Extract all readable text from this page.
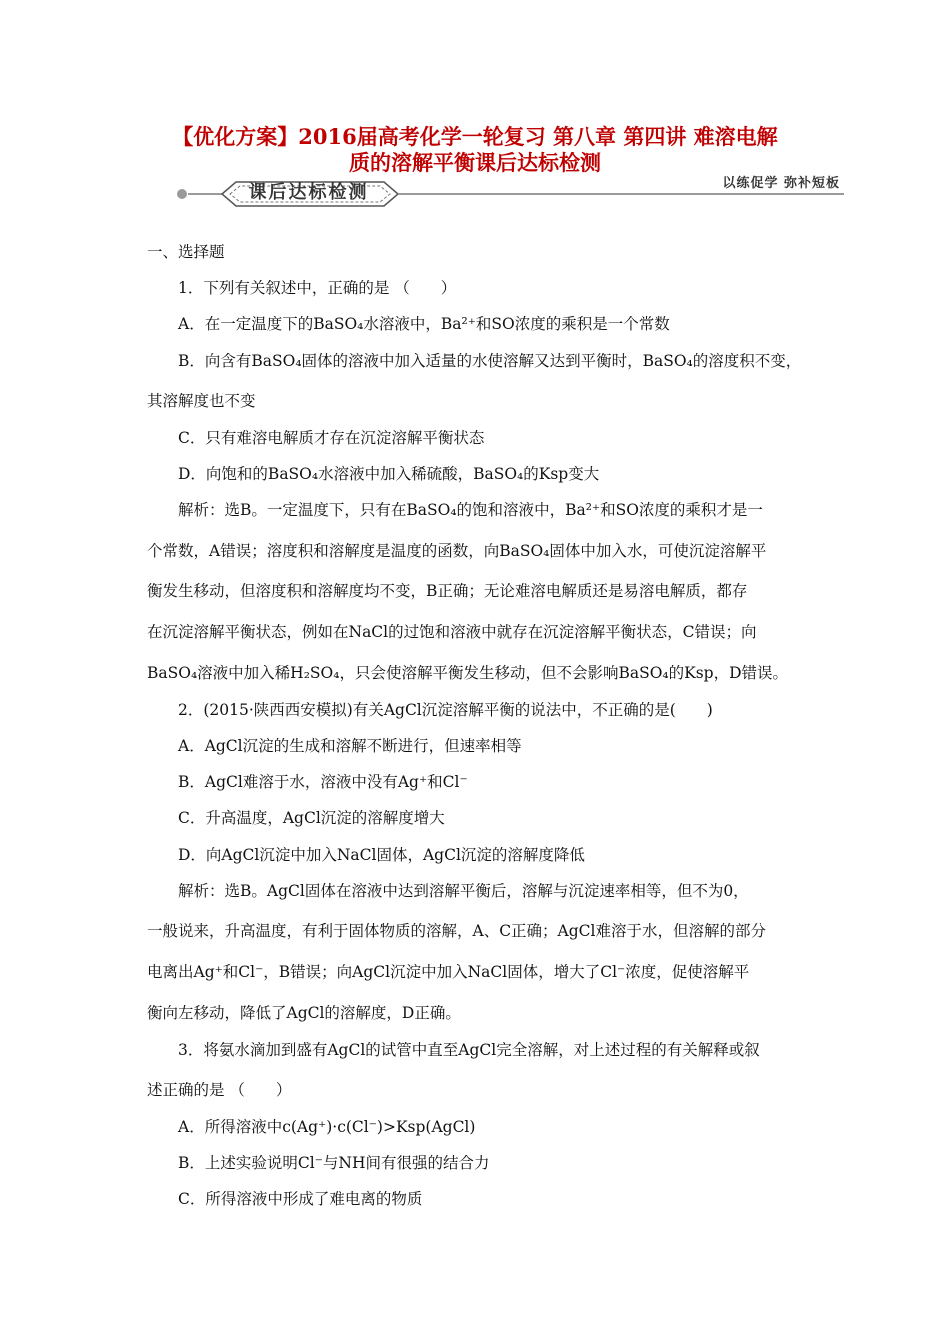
【优化方案】2016届高考化学一轮复习 第八章 第四讲 难溶电解
质的溶解平衡课后达标检测
课后达标检测	以练促学 弥补短板
一、选择题
1．下列有关叙述中，正确的是 （　　）
A．在一定温度下的BaSO₄水溶液中，Ba²⁺和SO浓度的乘积是一个常数
B．向含有BaSO₄固体的溶液中加入适量的水使溶解又达到平衡时，BaSO₄的溶度积不变，
其溶解度也不变
C．只有难溶电解质才存在沉淀溶解平衡状态
D．向饱和的BaSO₄水溶液中加入稀硫酸，BaSO₄的Ksp变大
解析：选B。一定温度下，只有在BaSO₄的饱和溶液中，Ba²⁺和SO浓度的乘积才是一
个常数，A错误；溶度积和溶解度是温度的函数，向BaSO₄固体中加入水，可使沉淀溶解平
衡发生移动，但溶度积和溶解度均不变，B正确；无论难溶电解质还是易溶电解质，都存
在沉淀溶解平衡状态，例如在NaCl的过饱和溶液中就存在沉淀溶解平衡状态，C错误；向
BaSO₄溶液中加入稀H₂SO₄，只会使溶解平衡发生移动，但不会影响BaSO₄的Ksp，D错误。
2．(2015·陕西西安模拟)有关AgCl沉淀溶解平衡的说法中，不正确的是(　　)
A．AgCl沉淀的生成和溶解不断进行，但速率相等
B．AgCl难溶于水，溶液中没有Ag⁺和Cl⁻
C．升高温度，AgCl沉淀的溶解度增大
D．向AgCl沉淀中加入NaCl固体，AgCl沉淀的溶解度降低
解析：选B。AgCl固体在溶液中达到溶解平衡后，溶解与沉淀速率相等，但不为0，
一般说来，升高温度，有利于固体物质的溶解，A、C正确；AgCl难溶于水，但溶解的部分
电离出Ag⁺和Cl⁻，B错误；向AgCl沉淀中加入NaCl固体，增大了Cl⁻浓度，促使溶解平
衡向左移动，降低了AgCl的溶解度，D正确。
3．将氨水滴加到盛有AgCl的试管中直至AgCl完全溶解，对上述过程的有关解释或叙
述正确的是 （　　）
A．所得溶液中c(Ag⁺)·c(Cl⁻)>Ksp(AgCl)
B．上述实验说明Cl⁻与NH间有很强的结合力
C．所得溶液中形成了难电离的物质
